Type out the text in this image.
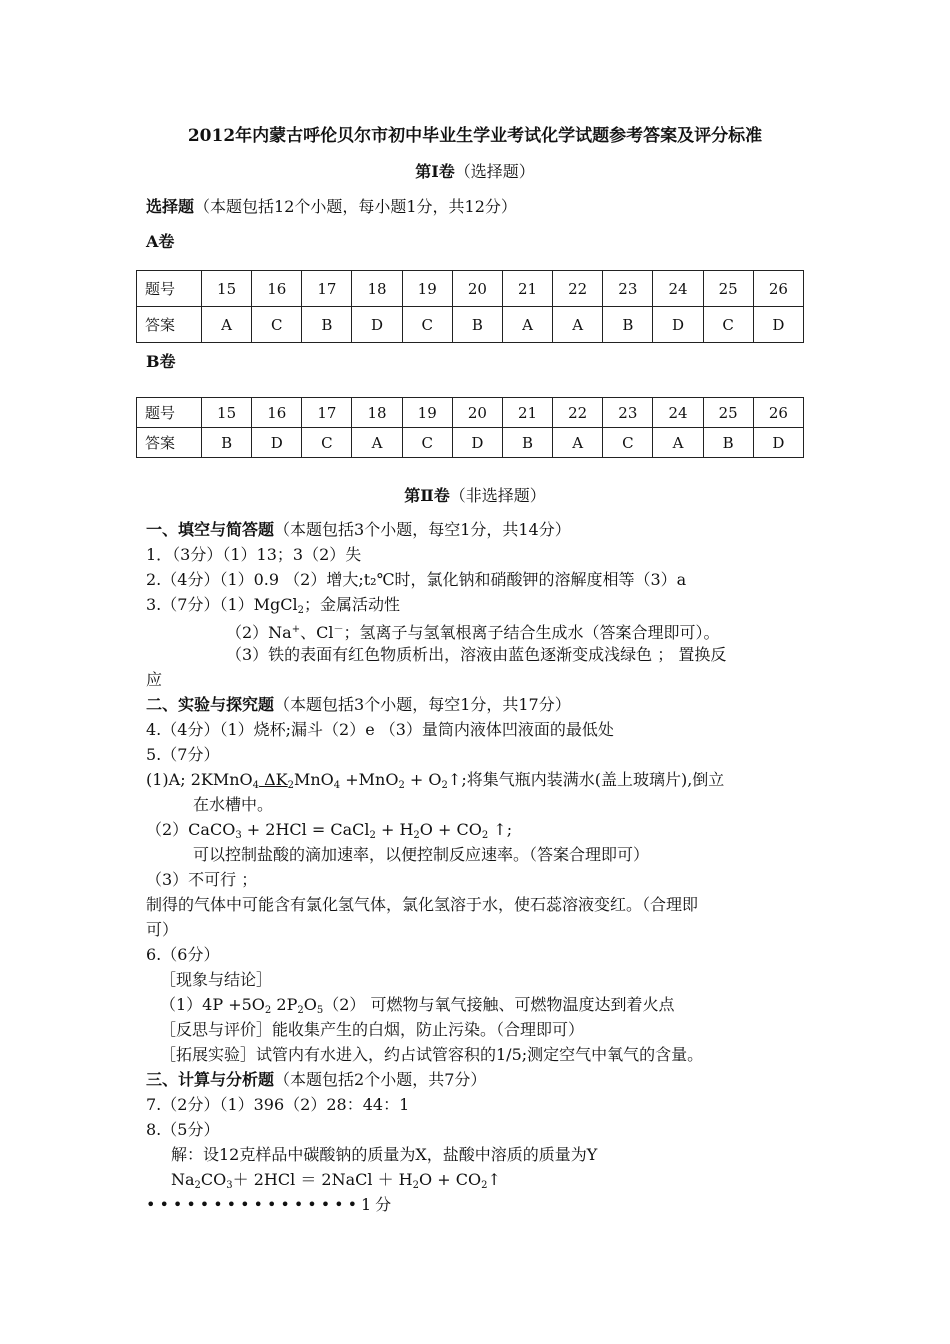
2012年内蒙古呼伦贝尔市初中毕业生学业考试化学试题参考答案及评分标准
第Ⅰ卷（选择题）
选择题（本题包括12个小题，每小题1分，共12分）
A卷
题号	15	16	17	18	19	20	21	22	23	24	25	26
答案	A	C	B	D	C	B	A	A	B	D	C	D
B卷
题号	15	16	17	18	19	20	21	22	23	24	25	26
答案	B	D	C	A	C	D	B	A	C	A	B	D
第Ⅱ卷（非选择题）
一、填空与简答题（本题包括3个小题，每空1分，共14分）
1．（3分）（1）13；3（2）失
2.（4分）（1）0.9 （2）增大;t₂℃时，氯化钠和硝酸钾的溶解度相等（3）a
3.（7分）（1）MgCl$_2$；金属活动性
（2）Na+、Cl－；氢离子与氢氧根离子结合生成水（答案合理即可）。
（3）铁的表面有红色物质析出，溶液由蓝色逐渐变成浅绿色 ； 置换反
应
二、实验与探究题（本题包括3个小题，每空1分，共17分）
4.（4分）（1）烧杯;漏斗（2）e （3）量筒内液体凹液面的最低处
5.（7分）
(1)A; 2KMnO$_4$ $\Delta K_2MnO_4 +MnO_2$ + $O_2↑$;将集气瓶内装满水(盖上玻璃片),倒立
在水槽中。
（2）CaCO$_3$ + 2HCl = CaCl$_2$ + $H_2O + CO_2$ ↑;
可以控制盐酸的滴加速率，以便控制反应速率。（答案合理即可）
（3）不可行 ；
制得的气体中可能含有氯化氢气体，氯化氢溶于水，使石蕊溶液变红。（合理即
可）
6.（6分）
［现象与结论］
$(1)4P +5O_2$ $2P_2O_5(2)$ 可燃物与氧气接触、可燃物温度达到着火点
［反思与评价］能收集产生的白烟，防止污染。（合理即可）
［拓展实验］试管内有水进入，约占试管容积的1/5;测定空气中氧气的含量。
三、计算与分析题（本题包括2个小题，共7分）
7.（2分）（1）396（2）28：44：1
8.（5分）
解：设12克样品中碳酸钠的质量为X，盐酸中溶质的质量为Y
$Na_2CO_3+ 2HCl$ ＝ 2NaCl ＋ $H_2O$ + $CO_2↑$
••••••••••••••••1分
